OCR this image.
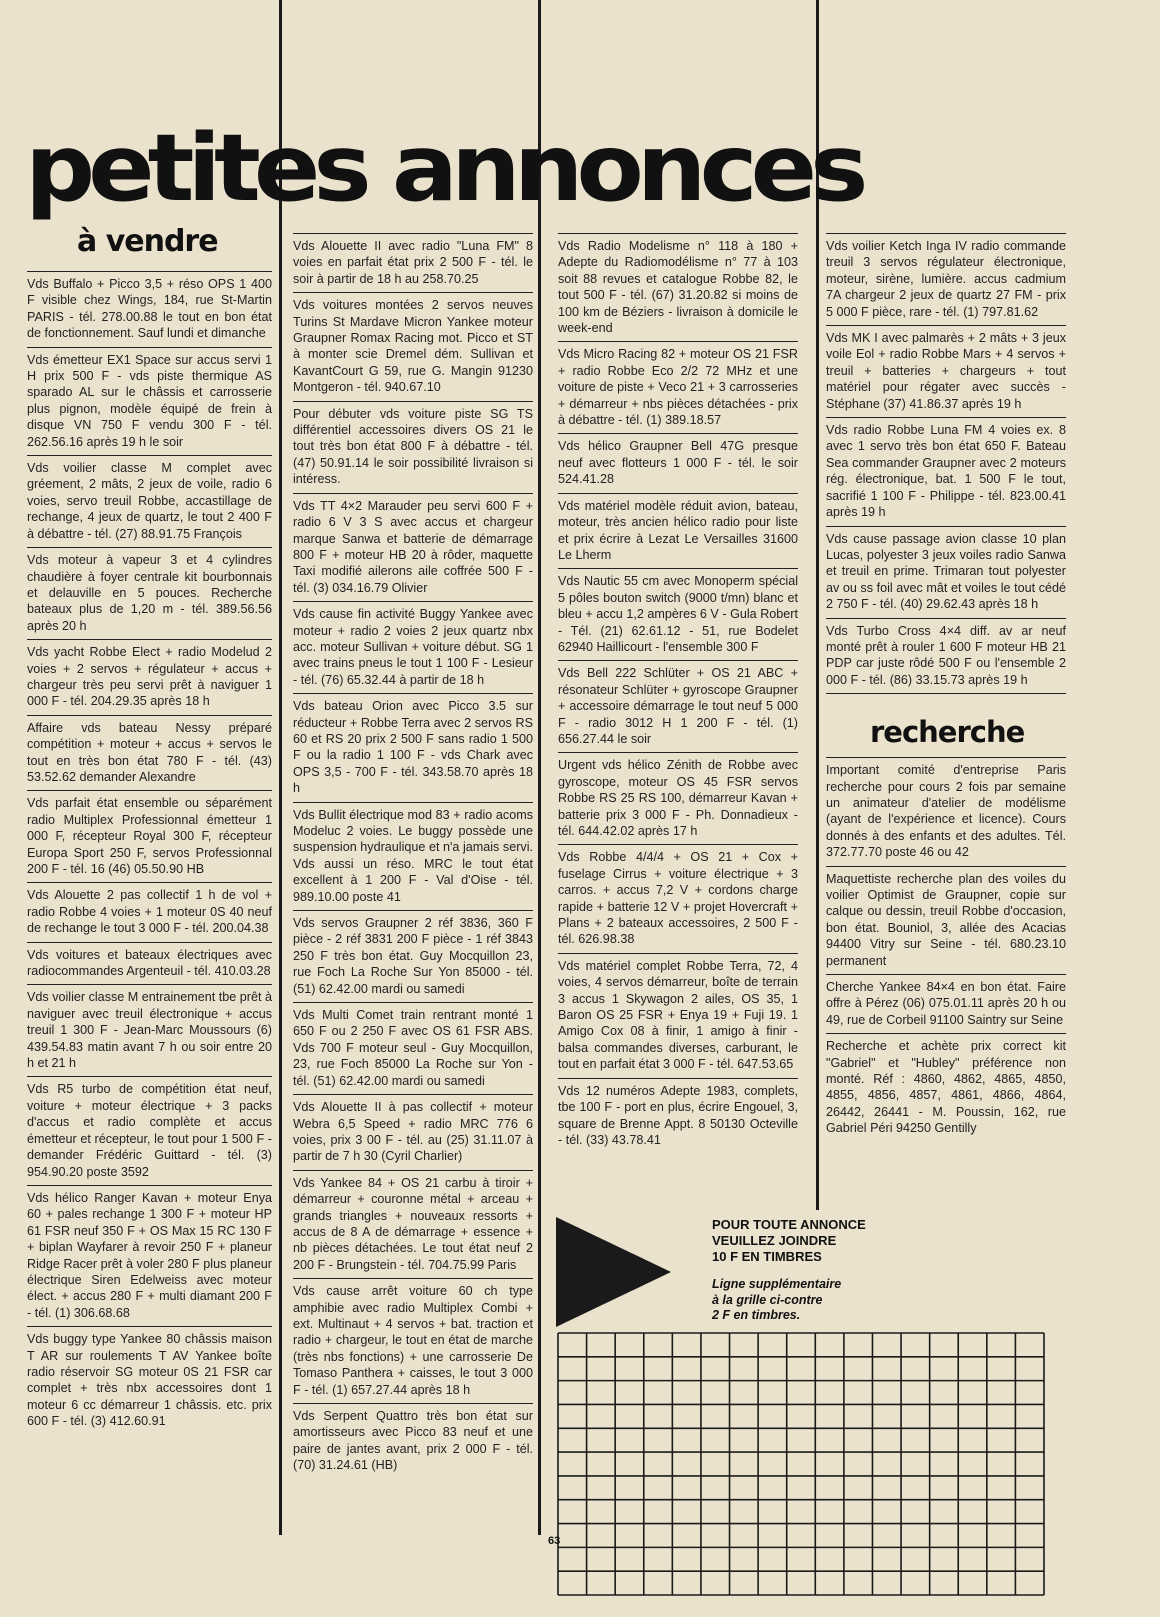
petites annonces
à vendre
Vds Buffalo + Picco 3,5 + réso OPS 1 400 F visible chez Wings, 184, rue St-Martin PARIS - tél. 278.00.88 le tout en bon état de fonctionnement. Sauf lundi et dimanche
Vds émetteur EX1 Space sur accus servi 1 H prix 500 F - vds piste thermique AS sparado AL sur le châssis et carrosserie plus pignon, modèle équipé de frein à disque VN 750 F vendu 300 F - tél. 262.56.16 après 19 h le soir
Vds voilier classe M complet avec gréement, 2 mâts, 2 jeux de voile, radio 6 voies, servo treuil Robbe, accastillage de rechange, 4 jeux de quartz, le tout 2 400 F à débattre - tél. (27) 88.91.75 François
Vds moteur à vapeur 3 et 4 cylindres chaudière à foyer centrale kit bourbonnais et delauville en 5 pouces. Recherche bateaux plus de 1,20 m - tél. 389.56.56 après 20 h
Vds yacht Robbe Elect + radio Modelud 2 voies + 2 servos + régulateur + accus + chargeur très peu servi prêt à naviguer 1 000 F - tél. 204.29.35 après 18 h
Affaire vds bateau Nessy préparé compétition + moteur + accus + servos le tout en très bon état 780 F - tél. (43) 53.52.62 demander Alexandre
Vds parfait état ensemble ou séparément radio Multiplex Professionnal émetteur 1 000 F, récepteur Royal 300 F, récepteur Europa Sport 250 F, servos Professionnal 200 F - tél. 16 (46) 05.50.90 HB
Vds Alouette 2 pas collectif 1 h de vol + radio Robbe 4 voies + 1 moteur 0S 40 neuf de rechange le tout 3 000 F - tél. 200.04.38
Vds voitures et bateaux électriques avec radiocommandes Argenteuil - tél. 410.03.28
Vds voilier classe M entrainement tbe prêt à naviguer avec treuil électronique + accus treuil 1 300 F - Jean-Marc Moussours (6) 439.54.83 matin avant 7 h ou soir entre 20 h et 21 h
Vds R5 turbo de compétition état neuf, voiture + moteur électrique + 3 packs d'accus et radio complète et accus émetteur et récepteur, le tout pour 1 500 F - demander Frédéric Guittard - tél. (3) 954.90.20 poste 3592
Vds hélico Ranger Kavan + moteur Enya 60 + pales rechange 1 300 F + moteur HP 61 FSR neuf 350 F + OS Max 15 RC 130 F + biplan Wayfarer à revoir 250 F + planeur Ridge Racer prêt à voler 280 F plus planeur électrique Siren Edelweiss avec moteur élect. + accus 280 F + multi diamant 200 F - tél. (1) 306.68.68
Vds buggy type Yankee 80 châssis maison T AR sur roulements T AV Yankee boîte radio réservoir SG moteur 0S 21 FSR car complet + très nbx accessoires dont 1 moteur 6 cc démarreur 1 châssis. etc. prix 600 F - tél. (3) 412.60.91
Vds Alouette II avec radio "Luna FM" 8 voies en parfait état prix 2 500 F - tél. le soir à partir de 18 h au 258.70.25
Vds voitures montées 2 servos neuves Turins St Mardave Micron Yankee moteur Graupner Romax Racing mot. Picco et ST à monter scie Dremel dém. Sullivan et KavantCourt G 59, rue G. Mangin 91230 Montgeron - tél. 940.67.10
Pour débuter vds voiture piste SG TS différentiel accessoires divers OS 21 le tout très bon état 800 F à débattre - tél. (47) 50.91.14 le soir possibilité livraison si intéress.
Vds TT 4×2 Marauder peu servi 600 F + radio 6 V 3 S avec accus et chargeur marque Sanwa et batterie de démarrage 800 F + moteur HB 20 à rôder, maquette Taxi modifié ailerons aile coffrée 500 F - tél. (3) 034.16.79 Olivier
Vds cause fin activité Buggy Yankee avec moteur + radio 2 voies 2 jeux quartz nbx acc. moteur Sullivan + voiture début. SG 1 avec trains pneus le tout 1 100 F - Lesieur - tél. (76) 65.32.44 à partir de 18 h
Vds bateau Orion avec Picco 3.5 sur réducteur + Robbe Terra avec 2 servos RS 60 et RS 20 prix 2 500 F sans radio 1 500 F ou la radio 1 100 F - vds Chark avec OPS 3,5 - 700 F - tél. 343.58.70 après 18 h
Vds Bullit électrique mod 83 + radio acoms Modeluc 2 voies. Le buggy possède une suspension hydraulique et n'a jamais servi. Vds aussi un réso. MRC le tout état excellent à 1 200 F - Val d'Oise - tél. 989.10.00 poste 41
Vds servos Graupner 2 réf 3836, 360 F pièce - 2 réf 3831 200 F pièce - 1 réf 3843 250 F très bon état. Guy Mocquillon 23, rue Foch La Roche Sur Yon 85000 - tél. (51) 62.42.00 mardi ou samedi
Vds Multi Comet train rentrant monté 1 650 F ou 2 250 F avec OS 61 FSR ABS. Vds 700 F moteur seul - Guy Mocquillon, 23, rue Foch 85000 La Roche sur Yon - tél. (51) 62.42.00 mardi ou samedi
Vds Alouette II à pas collectif + moteur Webra 6,5 Speed + radio MRC 776 6 voies, prix 3 00 F - tél. au (25) 31.11.07 à partir de 7 h 30 (Cyril Charlier)
Vds Yankee 84 + OS 21 carbu à tiroir + démarreur + couronne métal + arceau + grands triangles + nouveaux ressorts + accus de 8 A de démarrage + essence + nb pièces détachées. Le tout état neuf 2 200 F - Brungstein - tél. 704.75.99 Paris
Vds cause arrêt voiture 60 ch type amphibie avec radio Multiplex Combi + ext. Multinaut + 4 servos + bat. traction et radio + chargeur, le tout en état de marche (très nbs fonctions) + une carrosserie De Tomaso Panthera + caisses, le tout 3 000 F - tél. (1) 657.27.44 après 18 h
Vds Serpent Quattro très bon état sur amortisseurs avec Picco 83 neuf et une paire de jantes avant, prix 2 000 F - tél. (70) 31.24.61 (HB)
Vds Radio Modelisme n° 118 à 180 + Adepte du Radiomodélisme n° 77 à 103 soit 88 revues et catalogue Robbe 82, le tout 500 F - tél. (67) 31.20.82 si moins de 100 km de Béziers - livraison à domicile le week-end
Vds Micro Racing 82 + moteur OS 21 FSR + radio Robbe Eco 2/2 72 MHz et une voiture de piste + Veco 21 + 3 carrosseries + démarreur + nbs pièces détachées - prix à débattre - tél. (1) 389.18.57
Vds hélico Graupner Bell 47G presque neuf avec flotteurs 1 000 F - tél. le soir 524.41.28
Vds matériel modèle réduit avion, bateau, moteur, très ancien hélico radio pour liste et prix écrire à Lezat Le Versailles 31600 Le Lherm
Vds Nautic 55 cm avec Monoperm spécial 5 pôles bouton switch (9000 t/mn) blanc et bleu + accu 1,2 ampères 6 V - Gula Robert - Tél. (21) 62.61.12 - 51, rue Bodelet 62940 Haillicourt - l'ensemble 300 F
Vds Bell 222 Schlüter + OS 21 ABC + résonateur Schlüter + gyroscope Graupner + accessoire démarrage le tout neuf 5 000 F - radio 3012 H 1 200 F - tél. (1) 656.27.44 le soir
Urgent vds hélico Zénith de Robbe avec gyroscope, moteur OS 45 FSR servos Robbe RS 25 RS 100, démarreur Kavan + batterie prix 3 000 F - Ph. Donnadieux - tél. 644.42.02 après 17 h
Vds Robbe 4/4/4 + OS 21 + Cox + fuselage Cirrus + voiture électrique + 3 carros. + accus 7,2 V + cordons charge rapide + batterie 12 V + projet Hovercraft + Plans + 2 bateaux accessoires, 2 500 F - tél. 626.98.38
Vds matériel complet Robbe Terra, 72, 4 voies, 4 servos démarreur, boîte de terrain 3 accus 1 Skywagon 2 ailes, OS 35, 1 Baron OS 25 FSR + Enya 19 + Fuji 19. 1 Amigo Cox 08 à finir, 1 amigo à finir - balsa commandes diverses, carburant, le tout en parfait état 3 000 F - tél. 647.53.65
Vds 12 numéros Adepte 1983, complets, tbe 100 F - port en plus, écrire Engouel, 3, square de Brenne Appt. 8 50130 Octeville - tél. (33) 43.78.41
Vds voilier Ketch Inga IV radio commande treuil 3 servos régulateur électronique, moteur, sirène, lumière. accus cadmium 7A chargeur 2 jeux de quartz 27 FM - prix 5 000 F pièce, rare - tél. (1) 797.81.62
Vds MK I avec palmarès + 2 mâts + 3 jeux voile Eol + radio Robbe Mars + 4 servos + treuil + batteries + chargeurs + tout matériel pour régater avec succès - Stéphane (37) 41.86.37 après 19 h
Vds radio Robbe Luna FM 4 voies ex. 8 avec 1 servo très bon état 650 F. Bateau Sea commander Graupner avec 2 moteurs rég. électronique, bat. 1 500 F le tout, sacrifié 1 100 F - Philippe - tél. 823.00.41 après 19 h
Vds cause passage avion classe 10 plan Lucas, polyester 3 jeux voiles radio Sanwa et treuil en prime. Trimaran tout polyester av ou ss foil avec mât et voiles le tout cédé 2 750 F - tél. (40) 29.62.43 après 18 h
Vds Turbo Cross 4×4 diff. av ar neuf monté prêt à rouler 1 600 F moteur HB 21 PDP car juste rôdé 500 F ou l'ensemble 2 000 F - tél. (86) 33.15.73 après 19 h
recherche
Important comité d'entreprise Paris recherche pour cours 2 fois par semaine un animateur d'atelier de modélisme (ayant de l'expérience et licence). Cours donnés à des enfants et des adultes. Tél. 372.77.70 poste 46 ou 42
Maquettiste recherche plan des voiles du voilier Optimist de Graupner, copie sur calque ou dessin, treuil Robbe d'occasion, bon état. Bouniol, 3, allée des Acacias 94400 Vitry sur Seine - tél. 680.23.10 permanent
Cherche Yankee 84×4 en bon état. Faire offre à Pérez (06) 075.01.11 après 20 h ou 49, rue de Corbeil 91100 Saintry sur Seine
Recherche et achète prix correct kit "Gabriel" et "Hubley" préférence non monté. Réf : 4860, 4862, 4865, 4850, 4855, 4856, 4857, 4861, 4866, 4864, 26442, 26441 - M. Poussin, 162, rue Gabriel Péri 94250 Gentilly
POUR TOUTE ANNONCE
VEUILLEZ JOINDRE
10 F EN TIMBRES
Ligne supplémentaire
à la grille ci-contre
2 F en timbres.
63
